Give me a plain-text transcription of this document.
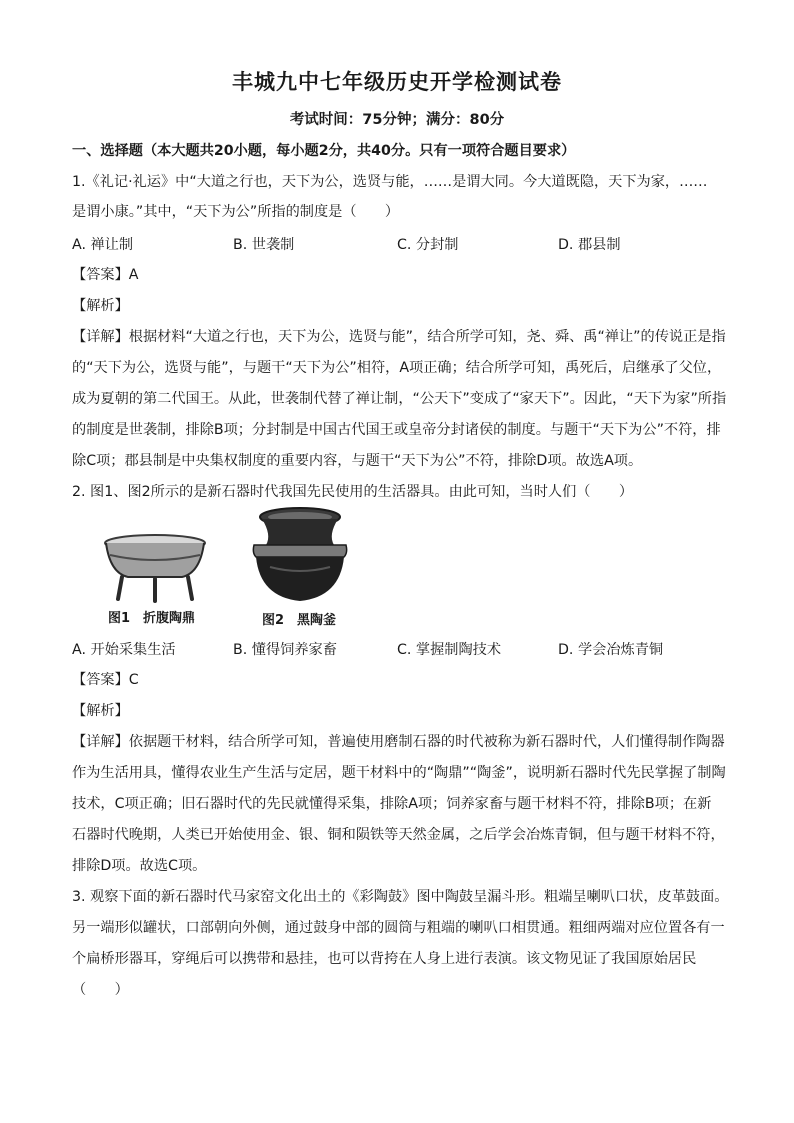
丰城九中七年级历史开学检测试卷
考试时间：75分钟；满分：80分
一、选择题（本大题共20小题，每小题2分，共40分。只有一项符合题目要求）
1.《礼记·礼运》中“大道之行也，天下为公，选贤与能，……是谓大同。今大道既隐，天下为家，……
是谓小康。”其中，“天下为公”所指的制度是（　　）
A. 禅让制	B. 世袭制	C. 分封制	D. 郡县制
【答案】A
【解析】
【详解】根据材料“大道之行也，天下为公，选贤与能”，结合所学可知，尧、舜、禹“禅让”的传说正是指
的“天下为公，选贤与能”，与题干“天下为公”相符，A项正确；结合所学可知，禹死后，启继承了父位，
成为夏朝的第二代国王。从此，世袭制代替了禅让制，“公天下”变成了“家天下”。因此，“天下为家”所指
的制度是世袭制，排除B项；分封制是中国古代国王或皇帝分封诸侯的制度。与题干“天下为公”不符，排
除C项；郡县制是中央集权制度的重要内容，与题干“天下为公”不符，排除D项。故选A项。
2. 图1、图2所示的是新石器时代我国先民使用的生活器具。由此可知，当时人们（　　）
图1　折腹陶鼎	图2　黑陶釜
A. 开始采集生活	B. 懂得饲养家畜	C. 掌握制陶技术	D. 学会冶炼青铜
【答案】C
【解析】
【详解】依据题干材料，结合所学可知，普遍使用磨制石器的时代被称为新石器时代，人们懂得制作陶器
作为生活用具，懂得农业生产生活与定居，题干材料中的“陶鼎”“陶釜”，说明新石器时代先民掌握了制陶
技术，C项正确；旧石器时代的先民就懂得采集，排除A项；饲养家畜与题干材料不符，排除B项；在新
石器时代晚期，人类已开始使用金、银、铜和陨铁等天然金属，之后学会冶炼青铜，但与题干材料不符，
排除D项。故选C项。
3. 观察下面的新石器时代马家窑文化出土的《彩陶鼓》图中陶鼓呈漏斗形。粗端呈喇叭口状，皮革鼓面。
另一端形似罐状，口部朝向外侧，通过鼓身中部的圆筒与粗端的喇叭口相贯通。粗细两端对应位置各有一
个扁桥形器耳，穿绳后可以携带和悬挂，也可以背挎在人身上进行表演。该文物见证了我国原始居民
（　　）
